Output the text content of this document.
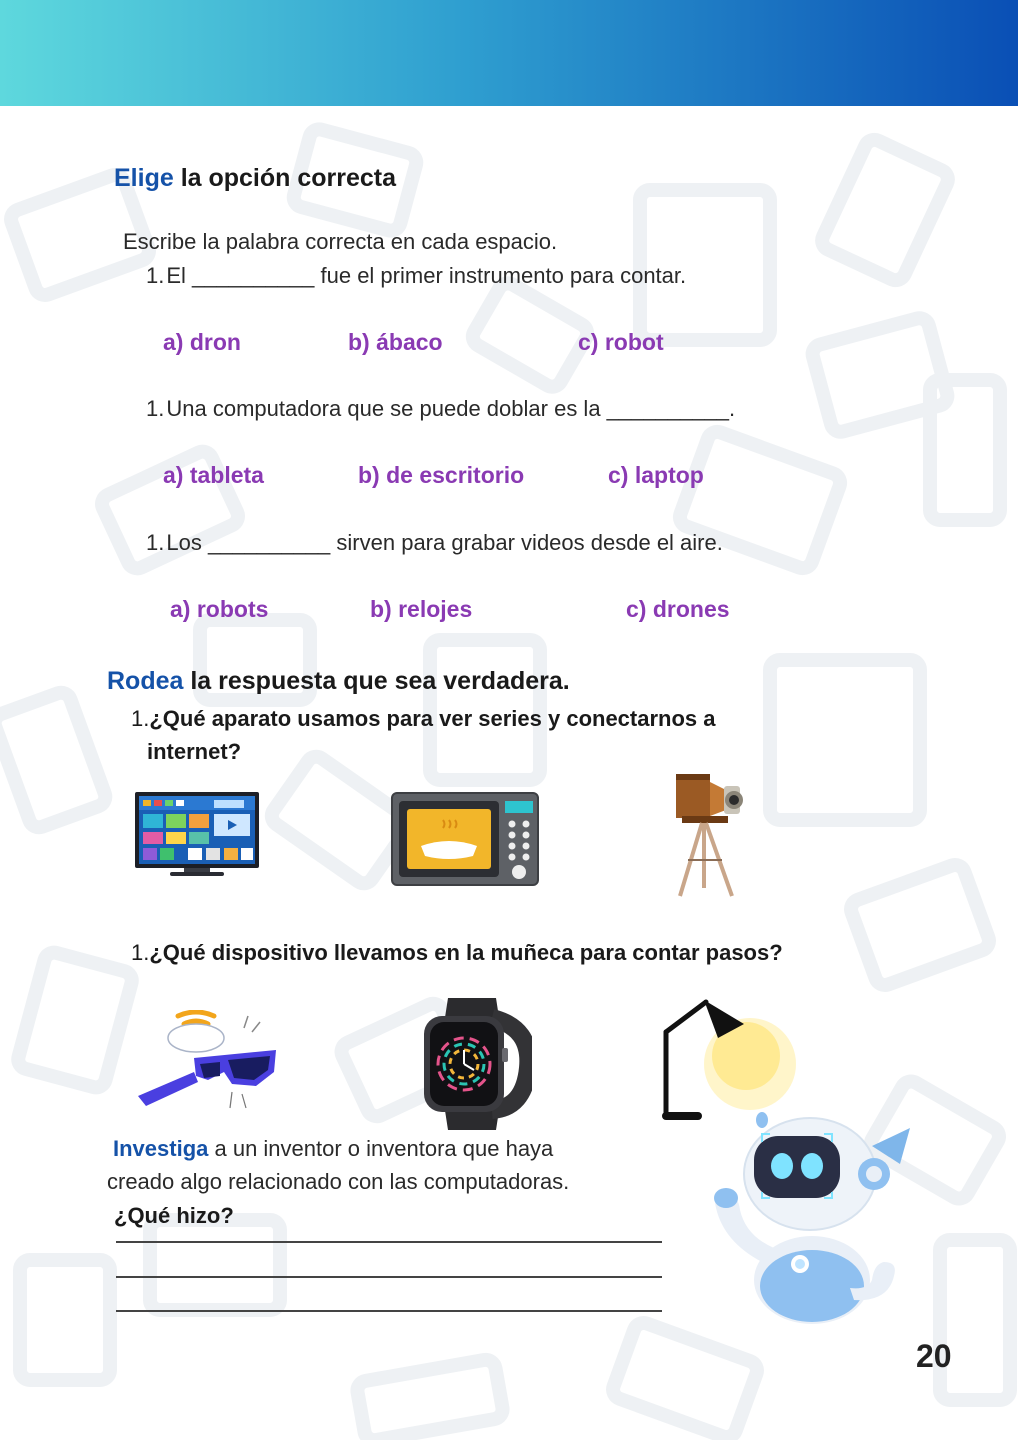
Elige la opción correcta
Escribe la palabra correcta en cada espacio.
1.El __________ fue el primer instrumento para contar.
a) dron	b) ábaco	c) robot
1.Una computadora que se puede doblar es la __________.
a) tableta	b) de escritorio	c) laptop
1.Los __________ sirven para grabar videos desde el aire.
a) robots	b) relojes	c) drones
Rodea la respuesta que sea verdadera.
1.¿Qué aparato usamos para ver series y conectarnos a
internet?
1.¿Qué dispositivo llevamos en la muñeca para contar pasos?
Investiga a un inventor o inventora que haya
creado algo relacionado con las computadoras.
¿Qué hizo?
20
